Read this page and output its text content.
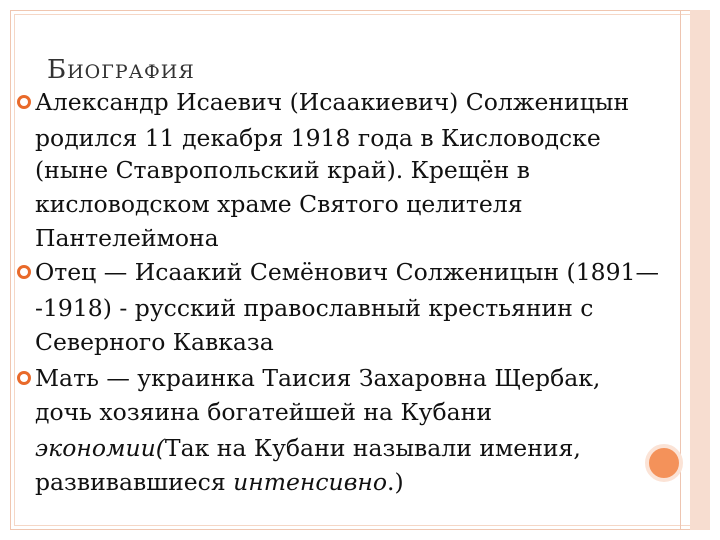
БИОГРАФИЯ
Александр Исаевич (Исаакиевич) Солженицын
родился 11 декабря 1918 года в Кисловодске
(ныне Ставропольский край). Крещён в
кисловодском храме Святого целителя
Пантелеймона
Отец — Исаакий Семёнович Солженицын (1891—
-1918) - русский православный крестьянин с
Северного Кавказа
Мать — украинка Таисия Захаровна Щербак,
дочь хозяина богатейшей на Кубани
экономии(Так на Кубани называли имения,
развивавшиеся интенсивно.)
